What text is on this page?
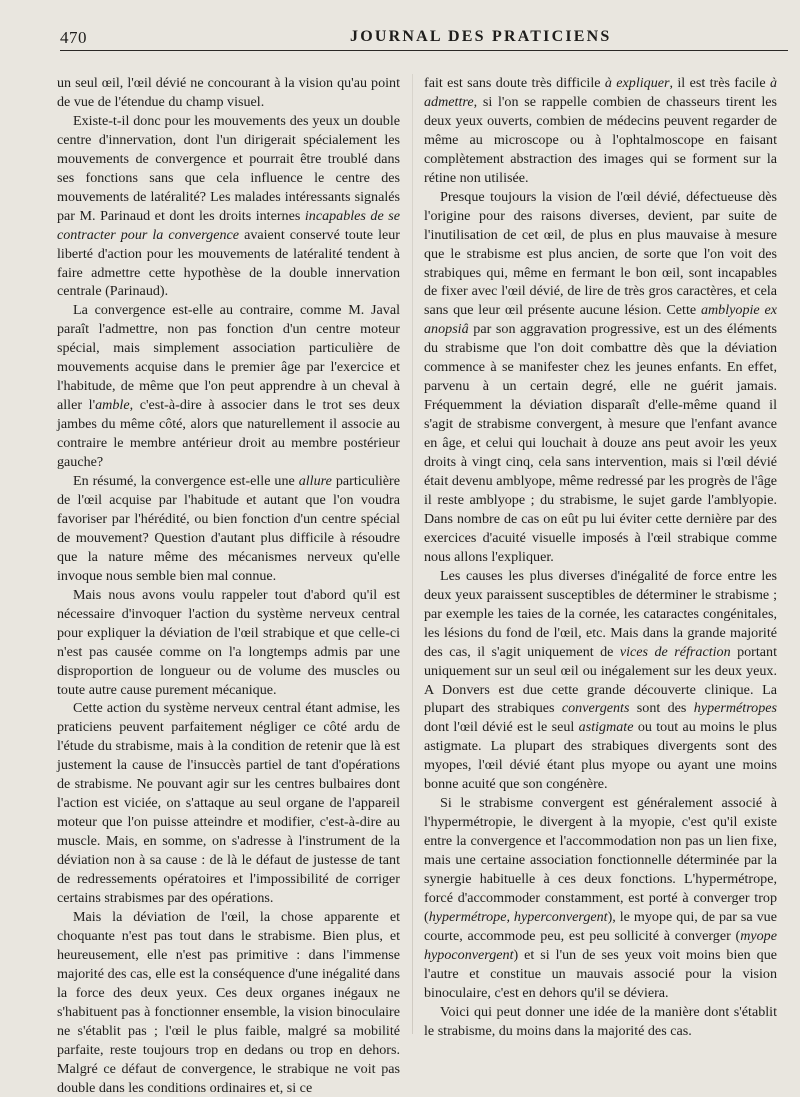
470	JOURNAL DES PRATICIENS

un seul œil, l'œil dévié ne concourant à la vision qu'au point de vue de l'étendue du champ visuel.

Existe-t-il donc pour les mouvements des yeux un double centre d'innervation, dont l'un dirigerait spécialement les mouvements de convergence et pourrait être troublé dans ses fonctions sans que cela influence le centre des mouvements de latéralité? Les malades intéressants signalés par M. Parinaud et dont les droits internes incapables de se contracter pour la convergence avaient conservé toute leur liberté d'action pour les mouvements de latéralité tendent à faire admettre cette hypothèse de la double innervation centrale (Parinaud).

La convergence est-elle au contraire, comme M. Javal paraît l'admettre, non pas fonction d'un centre moteur spécial, mais simplement association particulière de mouvements acquise dans le premier âge par l'exercice et l'habitude, de même que l'on peut apprendre à un cheval à aller l'amble, c'est-à-dire à associer dans le trot ses deux jambes du même côté, alors que naturellement il associe au contraire le membre antérieur droit au membre postérieur gauche?

En résumé, la convergence est-elle une allure particulière de l'œil acquise par l'habitude et autant que l'on voudra favoriser par l'hérédité, ou bien fonction d'un centre spécial de mouvement? Question d'autant plus difficile à résoudre que la nature même des mécanismes nerveux qu'elle invoque nous semble bien mal connue.

Mais nous avons voulu rappeler tout d'abord qu'il est nécessaire d'invoquer l'action du système nerveux central pour expliquer la déviation de l'œil strabique et que celle-ci n'est pas causée comme on l'a longtemps admis par une disproportion de longueur ou de volume des muscles ou toute autre cause purement mécanique.

Cette action du système nerveux central étant admise, les praticiens peuvent parfaitement négliger ce côté ardu de l'étude du strabisme, mais à la condition de retenir que là est justement la cause de l'insuccès partiel de tant d'opérations de strabisme. Ne pouvant agir sur les centres bulbaires dont l'action est viciée, on s'attaque au seul organe de l'appareil moteur que l'on puisse atteindre et modifier, c'est-à-dire au muscle. Mais, en somme, on s'adresse à l'instrument de la déviation non à sa cause : de là le défaut de justesse de tant de redressements opératoires et l'impossibilité de corriger certains strabismes par des opérations.

Mais la déviation de l'œil, la chose apparente et choquante n'est pas tout dans le strabisme. Bien plus, et heureusement, elle n'est pas primitive : dans l'immense majorité des cas, elle est la conséquence d'une inégalité dans la force des deux yeux. Ces deux organes inégaux ne s'habituent pas à fonctionner ensemble, la vision binoculaire ne s'établit pas ; l'œil le plus faible, malgré sa mobilité parfaite, reste toujours trop en dedans ou trop en dehors. Malgré ce défaut de convergence, le strabique ne voit pas double dans les conditions ordinaires et, si ce

fait est sans doute très difficile à expliquer, il est très facile à admettre, si l'on se rappelle combien de chasseurs tirent les deux yeux ouverts, combien de médecins peuvent regarder de même au microscope ou à l'ophtalmoscope en faisant complètement abstraction des images qui se forment sur la rétine non utilisée.

Presque toujours la vision de l'œil dévié, défectueuse dès l'origine pour des raisons diverses, devient, par suite de l'inutilisation de cet œil, de plus en plus mauvaise à mesure que le strabisme est plus ancien, de sorte que l'on voit des strabiques qui, même en fermant le bon œil, sont incapables de fixer avec l'œil dévié, de lire de très gros caractères, et cela sans que leur œil présente aucune lésion. Cette amblyopie ex anopsiâ par son aggravation progressive, est un des éléments du strabisme que l'on doit combattre dès que la déviation commence à se manifester chez les jeunes enfants. En effet, parvenu à un certain degré, elle ne guérit jamais. Fréquemment la déviation disparaît d'elle-même quand il s'agit de strabisme convergent, à mesure que l'enfant avance en âge, et celui qui louchait à douze ans peut avoir les yeux droits à vingt cinq, cela sans intervention, mais si l'œil dévié était devenu amblyope, même redressé par les progrès de l'âge il reste amblyope ; du strabisme, le sujet garde l'amblyopie. Dans nombre de cas on eût pu lui éviter cette dernière par des exercices d'acuité visuelle imposés à l'œil strabique comme nous allons l'expliquer.

Les causes les plus diverses d'inégalité de force entre les deux yeux paraissent susceptibles de déterminer le strabisme ; par exemple les taies de la cornée, les cataractes congénitales, les lésions du fond de l'œil, etc. Mais dans la grande majorité des cas, il s'agit uniquement de vices de réfraction portant uniquement sur un seul œil ou inégalement sur les deux yeux. A Donvers est due cette grande découverte clinique. La plupart des strabiques convergents sont des hypermétropes dont l'œil dévié est le seul astigmate ou tout au moins le plus astigmate. La plupart des strabiques divergents sont des myopes, l'œil dévié étant plus myope ou ayant une moins bonne acuité que son congénère.

Si le strabisme convergent est généralement associé à l'hypermétropie, le divergent à la myopie, c'est qu'il existe entre la convergence et l'accommodation non pas un lien fixe, mais une certaine association fonctionnelle déterminée par la synergie habituelle à ces deux fonctions. L'hypermétrope, forcé d'accommoder constamment, est porté à converger trop (hypermétrope, hyperconvergent), le myope qui, de par sa vue courte, accommode peu, est peu sollicité à converger (myope hypoconvergent) et si l'un de ses yeux voit moins bien que l'autre et constitue un mauvais associé pour la vision binoculaire, c'est en dehors qu'il se déviera.

Voici qui peut donner une idée de la manière dont s'établit le strabisme, du moins dans la majorité des cas.
